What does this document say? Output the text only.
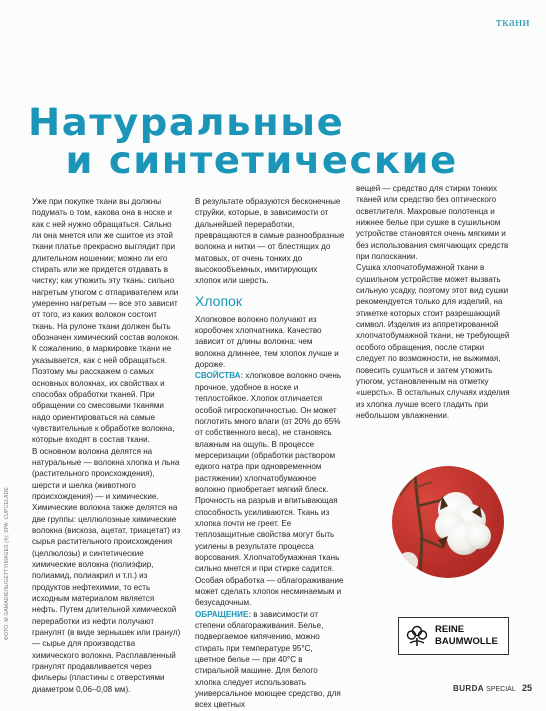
ткани
Натуральные
и синтетические

Уже при покупке ткани вы должны подумать о том, какова она в носке и как с ней нужно обращаться. Сильно ли она мнется или же сшитое из этой ткани платье прекрасно выглядит при длительном ношении; можно ли его стирать или же придется отдавать в чистку; как утюжить эту ткань: сильно нагретым утюгом с отпаривателем или умеренно нагретым — все это зависит от того, из каких волокон состоит ткань. На рулоне ткани должен быть обозначен химический состав волокон. К сожалению, в маркировке ткани не указывается, как с ней обращаться. Поэтому мы расскажем о самых основных волокнах, их свойствах и способах обработки тканей. При обращении со смесовыми тканями надо ориентироваться на самые чувствительные к обработке волокна, которые входят в состав ткани.

В основном волокна делятся на натуральные — волокна хлопка и льна (растительного происхождения), шерсти и шелка (животного происхождения) — и химические. Химические волокна также делятся на две группы: целлюлозные химические волокна (вискоза, ацетат, триацетат) из сырья растительного происхождения (целлюлозы) и синтетические химические волокна (полиэфир, полиамид, полиакрил и т.п.) из продуктов нефтехимии, то есть исходным материалом является нефть. Путем длительной химической переработки из нефти получают гранулят (в виде зернышек или гранул) — сырье для производства химического волокна. Расплавленный гранулят продавливается через фильеры (пластины с отверстиями диаметром 0,06–0,08 мм).

В результате образуются бесконечные струйки, которые, в зависимости от дальнейшей переработки, превращаются в самые разнообразные волокна и нитки — от блестящих до матовых, от очень тонких до высокообъемных, имитирующих хлопок или шерсть.

Хлопок

Хлопковое волокно получают из коробочек хлопчатника. Качество зависит от длины волокна: чем волокна длиннее, тем хлопок лучше и дороже.

СВОЙСТВА: хлопковое волокно очень прочное, удобное в носке и теплостойкое. Хлопок отличается особой гигроскопичностью. Он может поглотить много влаги (от 20% до 65% от собственного веса), не становясь влажным на ощупь. В процессе мерсеризации (обработки раствором едкого натра при одновременном растяжении) хлопчатобумажное волокно приобретает мягкий блеск. Прочность на разрыв и впитывающая способность усиливаются. Ткань из хлопка почти не греет. Ее теплозащитные свойства могут быть усилены в результате процесса ворсования. Хлопчатобумажная ткань сильно мнется и при стирке садится. Особая обработка — облагораживание может сделать хлопок несминаемым и безусадочным.

ОБРАЩЕНИЕ: в зависимости от степени облагораживания. Белье, подвергаемое кипячению, можно стирать при температуре 95°С, цветное белье — при 40°С в стиральной машине. Для белого хлопка следует использовать универсальное моющее средство, для всех цветных

вещей — средство для стирки тонких тканей или средство без оптического осветлителя. Махровые полотенца и нижнее белье при сушке в сушильном устройстве становятся очень мягкими и без использования смягчающих средств при полоскании.

Сушка хлопчатобумажной ткани в сушильном устройстве может вызвать сильную усадку, поэтому этот вид сушки рекомендуется только для изделий, на этикетке которых стоит разрешающий символ. Изделия из аппретированной хлопчатобумажной ткани, не требующей особого обращения, после стирки следует по возможности, не выжимая, повесить сушиться и затем утюжить утюгом, установленным на отметку «шерсть». В остальных случаях изделия из хлопка лучше всего гладить при небольшом увлажнении.

ФОТО: M.GAMADIЕЛЬ/GETTYIMAGES (4); SPA; CUPCELADE	REINE
BAUMWOLLE
BURDA SPECIAL 25
